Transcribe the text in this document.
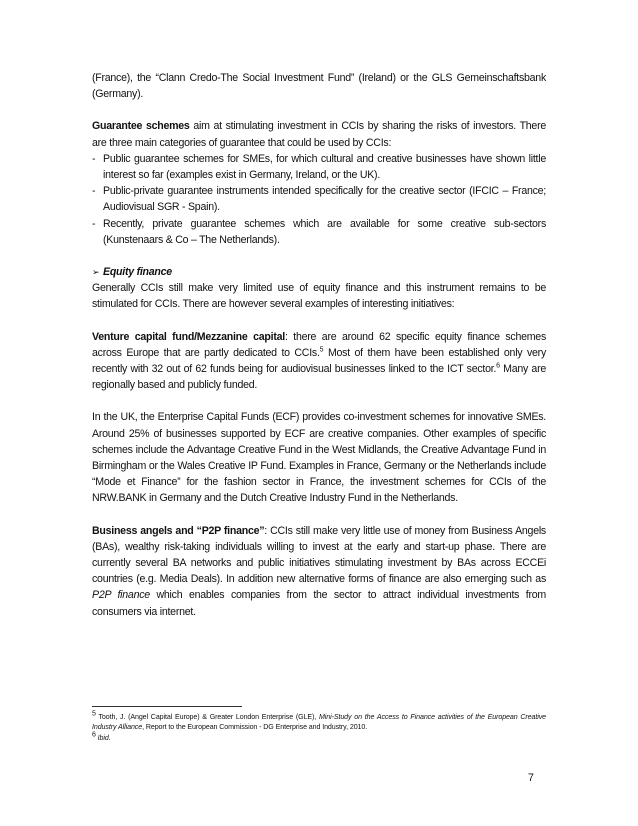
(France), the “Clann Credo-The Social Investment Fund” (Ireland) or the GLS Gemeinschaftsbank (Germany).

Guarantee schemes aim at stimulating investment in CCIs by sharing the risks of investors. There are three main categories of guarantee that could be used by CCIs:
- Public guarantee schemes for SMEs, for which cultural and creative businesses have shown little interest so far (examples exist in Germany, Ireland, or the UK).
- Public-private guarantee instruments intended specifically for the creative sector (IFCIC – France; Audiovisual SGR - Spain).
- Recently, private guarantee schemes which are available for some creative sub-sectors (Kunstenaars & Co – The Netherlands).
➢ Equity finance

Generally CCIs still make very limited use of equity finance and this instrument remains to be stimulated for CCIs. There are however several examples of interesting initiatives:

Venture capital fund/Mezzanine capital: there are around 62 specific equity finance schemes across Europe that are partly dedicated to CCIs.$^5$ Most of them have been established only very recently with 32 out of 62 funds being for audiovisual businesses linked to the ICT sector.$^6$ Many are regionally based and publicly funded.

In the UK, the Enterprise Capital Funds (ECF) provides co-investment schemes for innovative SMEs. Around 25% of businesses supported by ECF are creative companies. Other examples of specific schemes include the Advantage Creative Fund in the West Midlands, the Creative Advantage Fund in Birmingham or the Wales Creative IP Fund. Examples in France, Germany or the Netherlands include “Mode et Finance” for the fashion sector in France, the investment schemes for CCIs of the NRW.BANK in Germany and the Dutch Creative Industry Fund in the Netherlands.

Business angels and “P2P finance”: CCIs still make very little use of money from Business Angels (BAs), wealthy risk-taking individuals willing to invest at the early and start-up phase. There are currently several BA networks and public initiatives stimulating investment by BAs across ECCEi countries (e.g. Media Deals). In addition new alternative forms of finance are also emerging such as P2P finance which enables companies from the sector to attract individual investments from consumers via internet.

$^5$ Tooth, J. (Angel Capital Europe) & Greater London Enterprise (GLE), Mini-Study on the Access to Finance activities of the European Creative Industry Alliance, Report to the European Commission - DG Enterprise and Industry, 2010.

$^6$ Ibid.

7
